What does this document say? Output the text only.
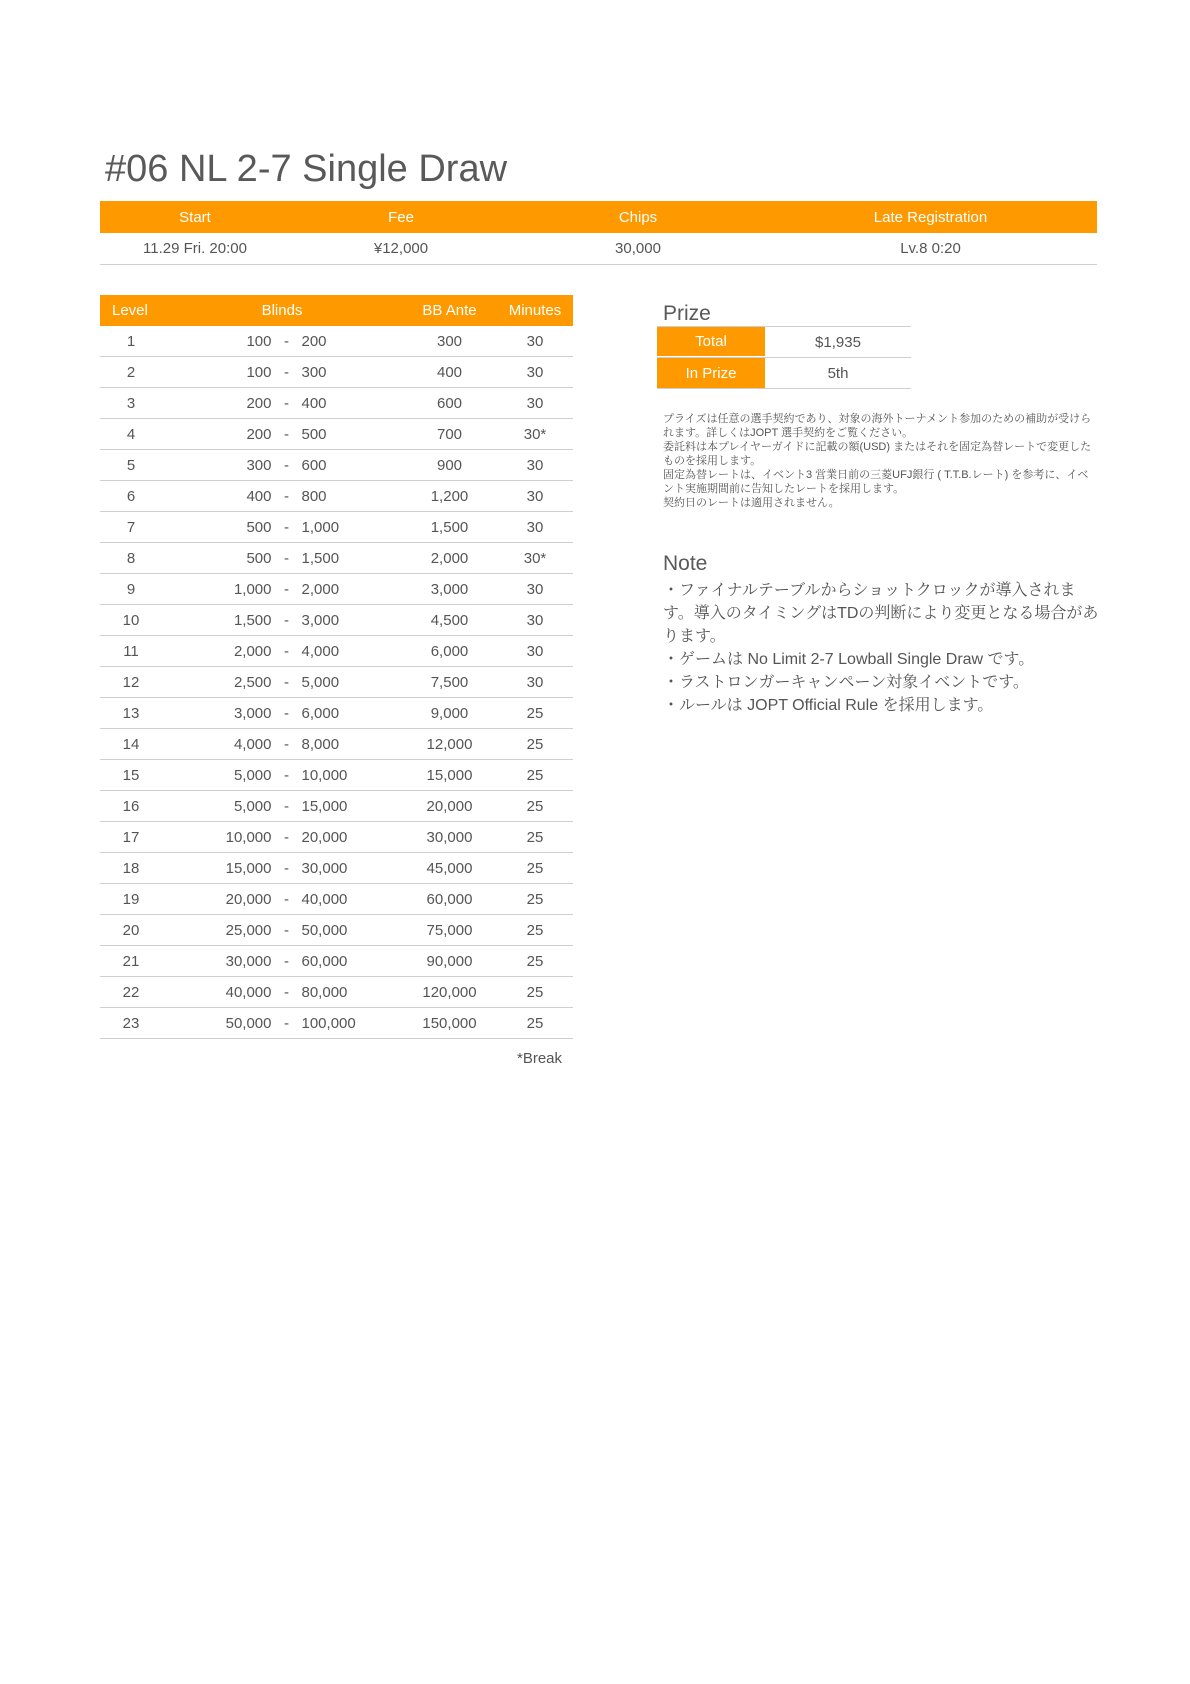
#06 NL 2-7 Single Draw
Start	Fee	Chips	Late Registration
11.29 Fri. 20:00	¥12,000	30,000	Lv.8 0:20
Level	Blinds	BB Ante	Minutes
1	100 - 200	300	30
2	100 - 300	400	30
3	200 - 400	600	30
4	200 - 500	700	30*
5	300 - 600	900	30
6	400 - 800	1,200	30
7	500 - 1,000	1,500	30
8	500 - 1,500	2,000	30*
9	1,000 - 2,000	3,000	30
10	1,500 - 3,000	4,500	30
11	2,000 - 4,000	6,000	30
12	2,500 - 5,000	7,500	30
13	3,000 - 6,000	9,000	25
14	4,000 - 8,000	12,000	25
15	5,000 - 10,000	15,000	25
16	5,000 - 15,000	20,000	25
17	10,000 - 20,000	30,000	25
18	15,000 - 30,000	45,000	25
19	20,000 - 40,000	60,000	25
20	25,000 - 50,000	75,000	25
21	30,000 - 60,000	90,000	25
22	40,000 - 80,000	120,000	25
23	50,000 - 100,000	150,000	25
*Break
Prize
Total	$1,935
In Prize	5th

プライズは任意の選手契約であり、対象の海外トーナメント参加のための補助が受けられます。詳しくはJOPT 選手契約をご覧ください。

委託料は本プレイヤーガイドに記載の額(USD) またはそれを固定為替レートで変更したものを採用します。

固定為替レートは、イベント3 営業日前の三菱UFJ銀行 ( T.T.B.レート) を参考に、イベント実施期間前に告知したレートを採用します。

契約日のレートは適用されません。

Note

・ファイナルテーブルからショットクロックが導入されます。導入のタイミングはTDの判断により変更となる場合があります。

・ゲームは No Limit 2-7 Lowball Single Draw です。

・ラストロンガーキャンペーン対象イベントです。

・ルールは JOPT Official Rule を採用します。
